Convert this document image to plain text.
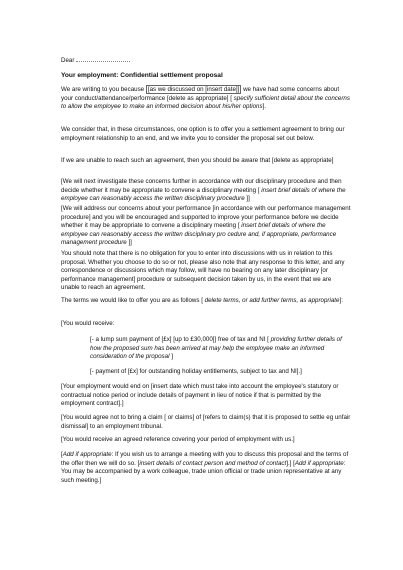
Dear

Your employment: Confidential settlement proposal

We are writing to you because [as we discussed on [insert date]] we have had some concerns about your conduct/attendance/performance [delete as appropriate] [ specify sufficient detail about the concerns to allow the employee to make an informed decision about his/her options].

We consider that, in these circumstances, one option is to offer you a settlement agreement to bring our employment relationship to an end, and we invite you to consider the proposal set out below.

If we are unable to reach such an agreement, then you should be aware that [delete as appropriate]

[We will next investigate these concerns further in accordance with our disciplinary procedure and then decide whether it may be appropriate to convene a disciplinary meeting [ insert brief details of where the employee can reasonably access the written disciplinary procedure ]]

[We will address our concerns about your performance [in accordance with our performance management procedure] and you will be encouraged and supported to improve your performance before we decide whether it may be appropriate to convene a disciplinary meeting [ insert brief details of where the employee can reasonably access the written disciplinary pro cedure and, if appropriate, performance management procedure ]]

You should note that there is no obligation for you to enter into discussions with us in relation to this proposal. Whether you choose to do so or not, please also note that any response to this letter, and any correspondence or discussions which may follow, will have no bearing on any later disciplinary [or performance management] procedure or subsequent decision taken by us, in the event that we are unable to reach an agreement.

The terms we would like to offer you are as follows [ delete terms, or add further terms, as appropriate]:

[You would receive:

[- a lump sum payment of [£x] [up to £30,000]] free of tax and NI [ providing further details of how the proposed sum has been arrived at may help the employee make an informed consideration of the proposal ]

[- payment of [£x] for outstanding holiday entitlements, subject to tax and NI].]

[Your employment would end on [insert date which must take into account the employee's statutory or contractual notice period or include details of payment in lieu of notice if that is permitted by the employment contract].]

[You would agree not to bring a claim [ or claims] of [refers to claim(s) that it is proposed to settle eg unfair dismissal] to an employment tribunal.

[You would receive an agreed reference covering your period of employment with us.]

[Add if appropriate: If you wish us to arrange a meeting with you to discuss this proposal and the terms of the offer then we will do so. [insert details of contact person and method of contact].] [Add if appropriate: You may be accompanied by a work colleague, trade union official or trade union representative at any such meeting.]
